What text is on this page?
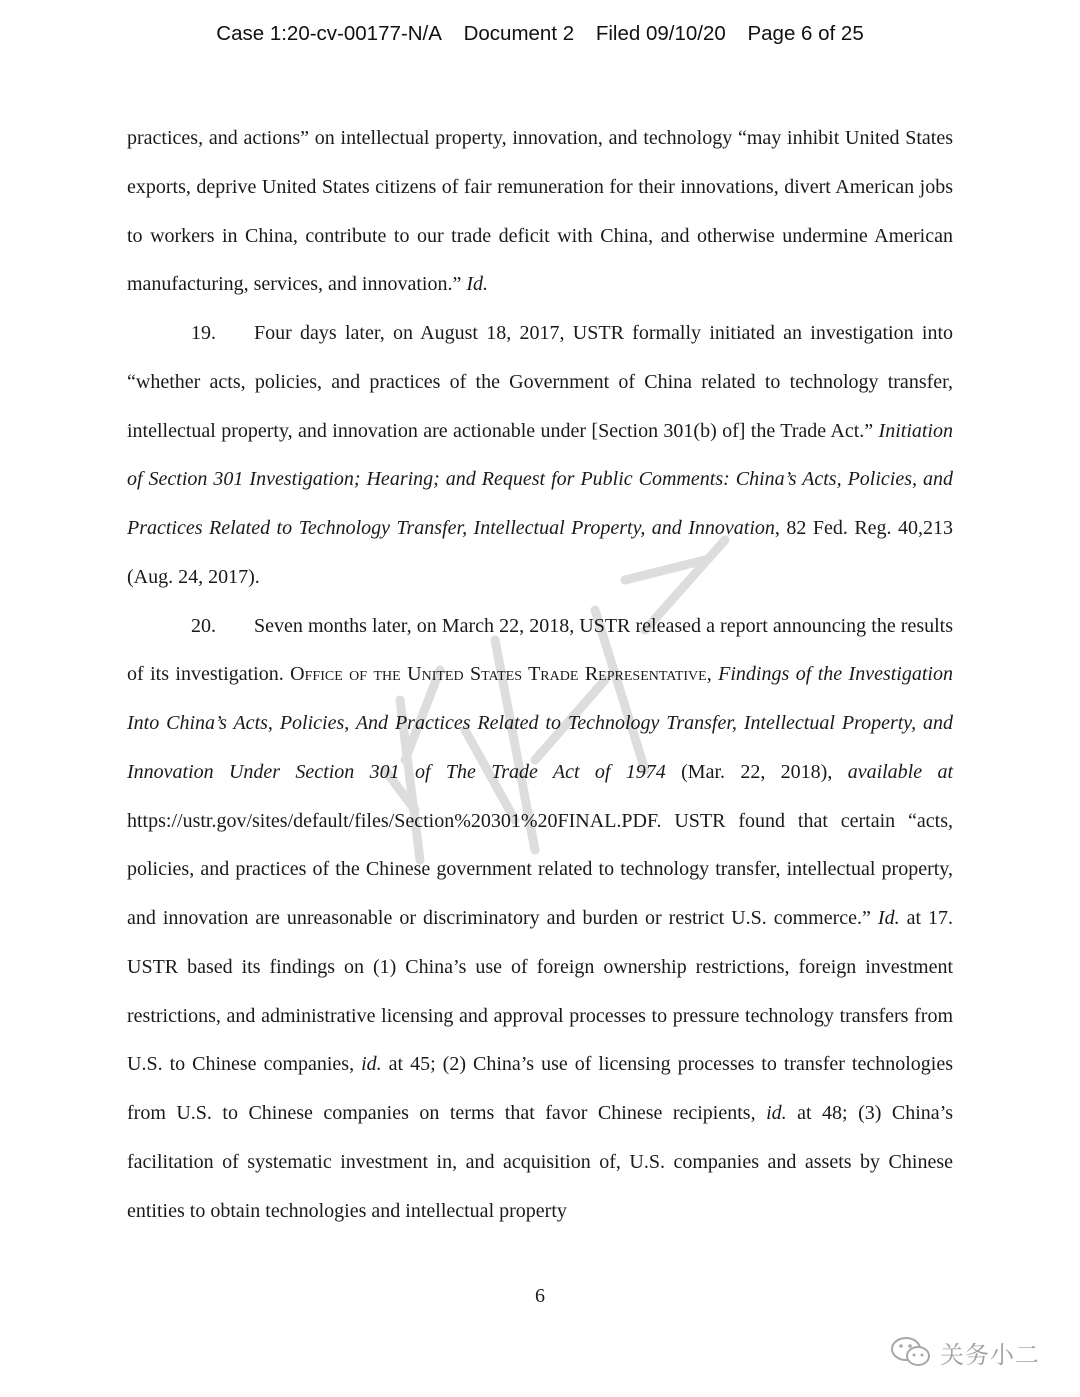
Case 1:20-cv-00177-N/A Document 2 Filed 09/10/20 Page 6 of 25

practices, and actions” on intellectual property, innovation, and technology “may inhibit United States exports, deprive United States citizens of fair remuneration for their innovations, divert American jobs to workers in China, contribute to our trade deficit with China, and otherwise undermine American manufacturing, services, and innovation.” Id.

19. Four days later, on August 18, 2017, USTR formally initiated an investigation into “whether acts, policies, and practices of the Government of China related to technology transfer, intellectual property, and innovation are actionable under [Section 301(b) of] the Trade Act.” Initiation of Section 301 Investigation; Hearing; and Request for Public Comments: China’s Acts, Policies, and Practices Related to Technology Transfer, Intellectual Property, and Innovation, 82 Fed. Reg. 40,213 (Aug. 24, 2017).

20. Seven months later, on March 22, 2018, USTR released a report announcing the results of its investigation. Office of the United States Trade Representative, Findings of the Investigation Into China’s Acts, Policies, And Practices Related to Technology Transfer, Intellectual Property, and Innovation Under Section 301 of The Trade Act of 1974 (Mar. 22, 2018), available at https://ustr.gov/sites/default/files/Section%20301%20FINAL.PDF. USTR found that certain “acts, policies, and practices of the Chinese government related to technology transfer, intellectual property, and innovation are unreasonable or discriminatory and burden or restrict U.S. commerce.” Id. at 17. USTR based its findings on (1) China’s use of foreign ownership restrictions, foreign investment restrictions, and administrative licensing and approval processes to pressure technology transfers from U.S. to Chinese companies, id. at 45; (2) China’s use of licensing processes to transfer technologies from U.S. to Chinese companies on terms that favor Chinese recipients, id. at 48; (3) China’s facilitation of systematic investment in, and acquisition of, U.S. companies and assets by Chinese entities to obtain technologies and intellectual property

6
关务小二
